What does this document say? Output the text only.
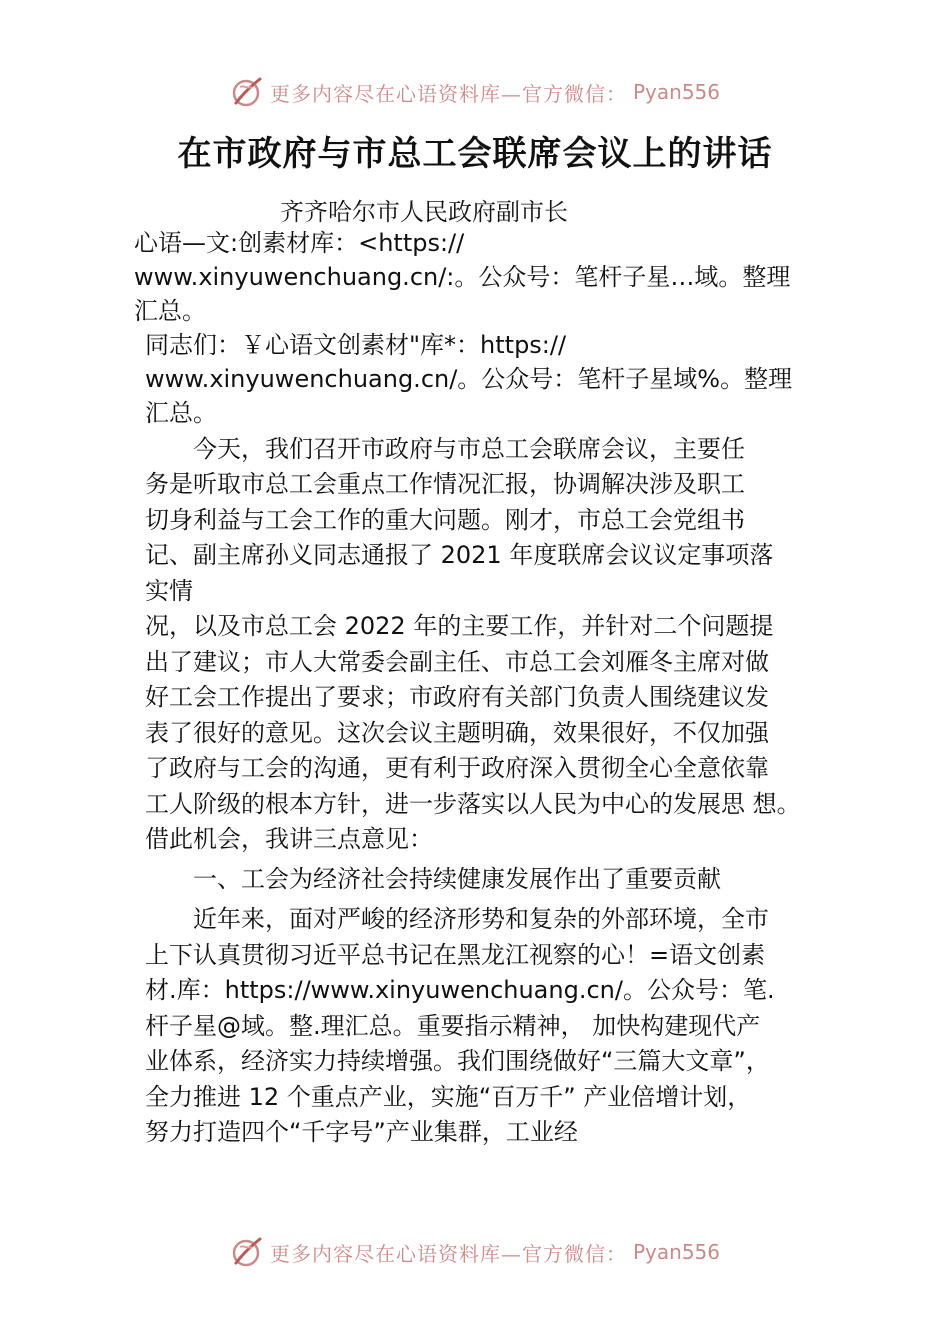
更多内容尽在心语资料库—官方微信： Pyan556
在市政府与市总工会联席会议上的讲话
齐齐哈尔市人民政府副市长
心语—文:创素材库：<https://
www.xinyuwenchuang.cn/:。公众号：笔杆子星…域。整理
汇总。
同志们：￥心语文创素材"库*：https://
www.xinyuwenchuang.cn/。公众号：笔杆子星域%。整理
汇总。
今天，我们召开市政府与市总工会联席会议，主要任
务是听取市总工会重点工作情况汇报，协调解决涉及职工
切身利益与工会工作的重大问题。刚才，市总工会党组书
记、副主席孙义同志通报了 2021 年度联席会议议定事项落
实情
况，以及市总工会 2022 年的主要工作，并针对二个问题提
出了建议；市人大常委会副主任、市总工会刘雁冬主席对做
好工会工作提出了要求；市政府有关部门负责人围绕建议发
表了很好的意见。这次会议主题明确，效果很好，不仅加强
了政府与工会的沟通，更有利于政府深入贯彻全心全意依靠
工人阶级的根本方针，进一步落实以人民为中心的发展思 想。
借此机会，我讲三点意见：
一、工会为经济社会持续健康发展作出了重要贡献
近年来，面对严峻的经济形势和复杂的外部环境，全市
上下认真贯彻习近平总书记在黑龙江视察的心！=语文创素
材.库：https://www.xinyuwenchuang.cn/。公众号：笔.
杆子星@域。整.理汇总。重要指示精神， 加快构建现代产
业体系，经济实力持续增强。我们围绕做好“三篇大文章”，
全力推进 12 个重点产业，实施“百万千” 产业倍增计划，
努力打造四个“千字号”产业集群，工业经
更多内容尽在心语资料库—官方微信： Pyan556
